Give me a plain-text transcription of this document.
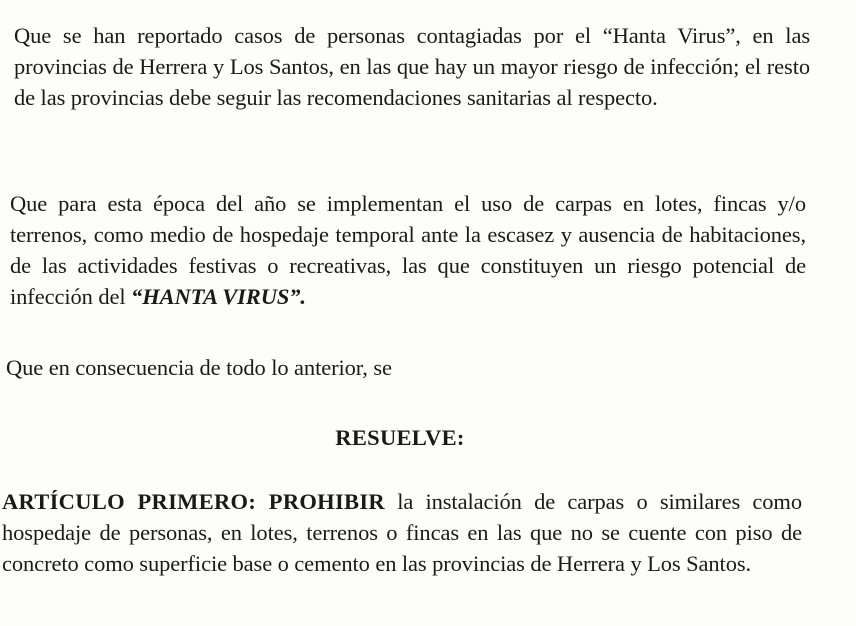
Que se han reportado casos de personas contagiadas por el “Hanta Virus”, en las provincias de Herrera y Los Santos, en las que hay un mayor riesgo de infección; el resto de las provincias debe seguir las recomendaciones sanitarias al respecto.

Que para esta época del año se implementan el uso de carpas en lotes, fincas y/o terrenos, como medio de hospedaje temporal ante la escasez y ausencia de habitaciones, de las actividades festivas o recreativas, las que constituyen un riesgo potencial de infección del “HANTA VIRUS”.

Que en consecuencia de todo lo anterior, se

RESUELVE:

ARTÍCULO PRIMERO: PROHIBIR la instalación de carpas o similares como hospedaje de personas, en lotes, terrenos o fincas en las que no se cuente con piso de concreto como superficie base o cemento en las provincias de Herrera y Los Santos.
